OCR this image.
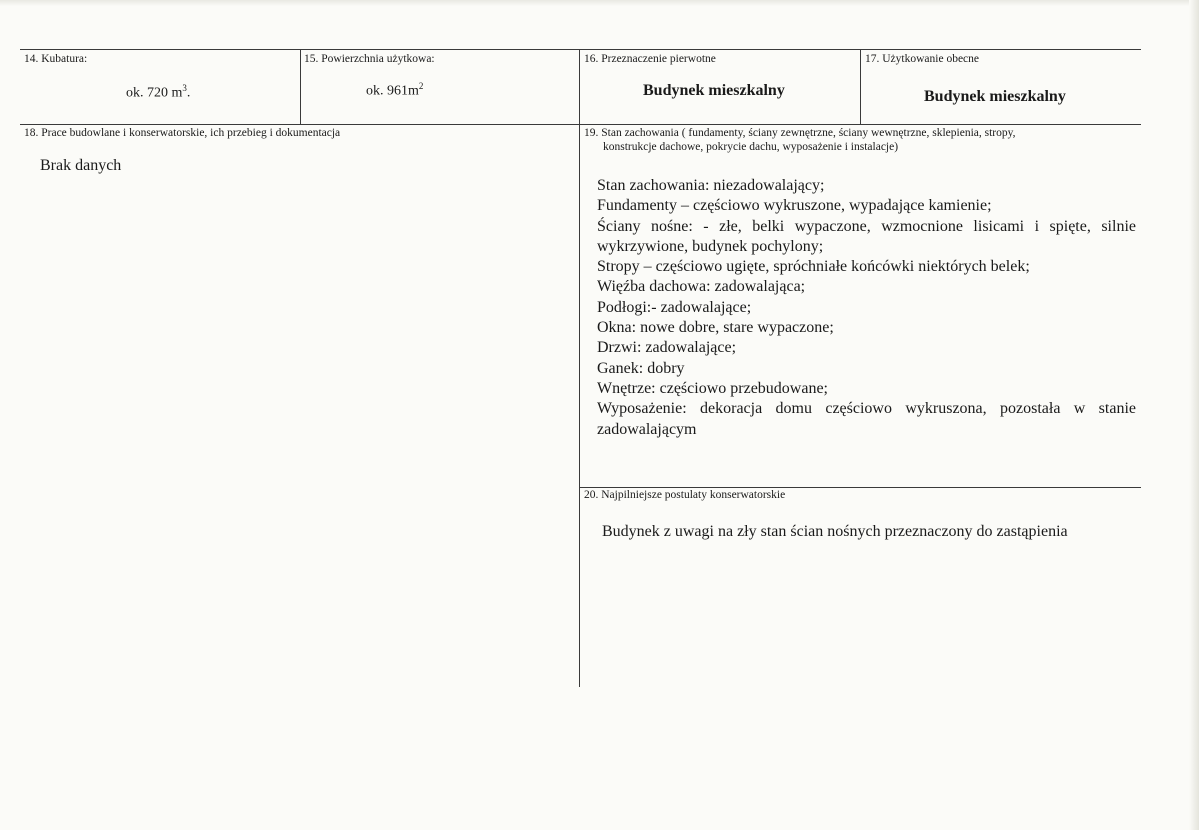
14. Kubatura:
ok. 720 $m^3$.
15. Powierzchnia użytkowa:
ok. $961m^2$
16. Przeznaczenie pierwotne
Budynek mieszkalny
17. Użytkowanie obecne
Budynek mieszkalny
18. Prace budowlane i konserwatorskie, ich przebieg i dokumentacja
Brak danych
19. Stan zachowania ( fundamenty, ściany zewnętrzne, ściany wewnętrzne, sklepienia, stropy,
konstrukcje dachowe, pokrycie dachu, wyposażenie i instalacje)
Stan zachowania: niezadowalający;
Fundamenty – częściowo wykruszone, wypadające kamienie;
Ściany nośne: - złe, belki wypaczone, wzmocnione lisicami i spięte, silnie
wykrzywione, budynek pochylony;
Stropy – częściowo ugięte, spróchniałe końcówki niektórych belek;
Więźba dachowa: zadowalająca;
Podłogi:- zadowalające;
Okna: nowe dobre, stare wypaczone;
Drzwi: zadowalające;
Ganek: dobry
Wnętrze: częściowo przebudowane;
Wyposażenie: dekoracja domu częściowo wykruszona, pozostała w stanie
zadowalającym
20. Najpilniejsze postulaty konserwatorskie
Budynek z uwagi na zły stan ścian nośnych przeznaczony do zastąpienia
